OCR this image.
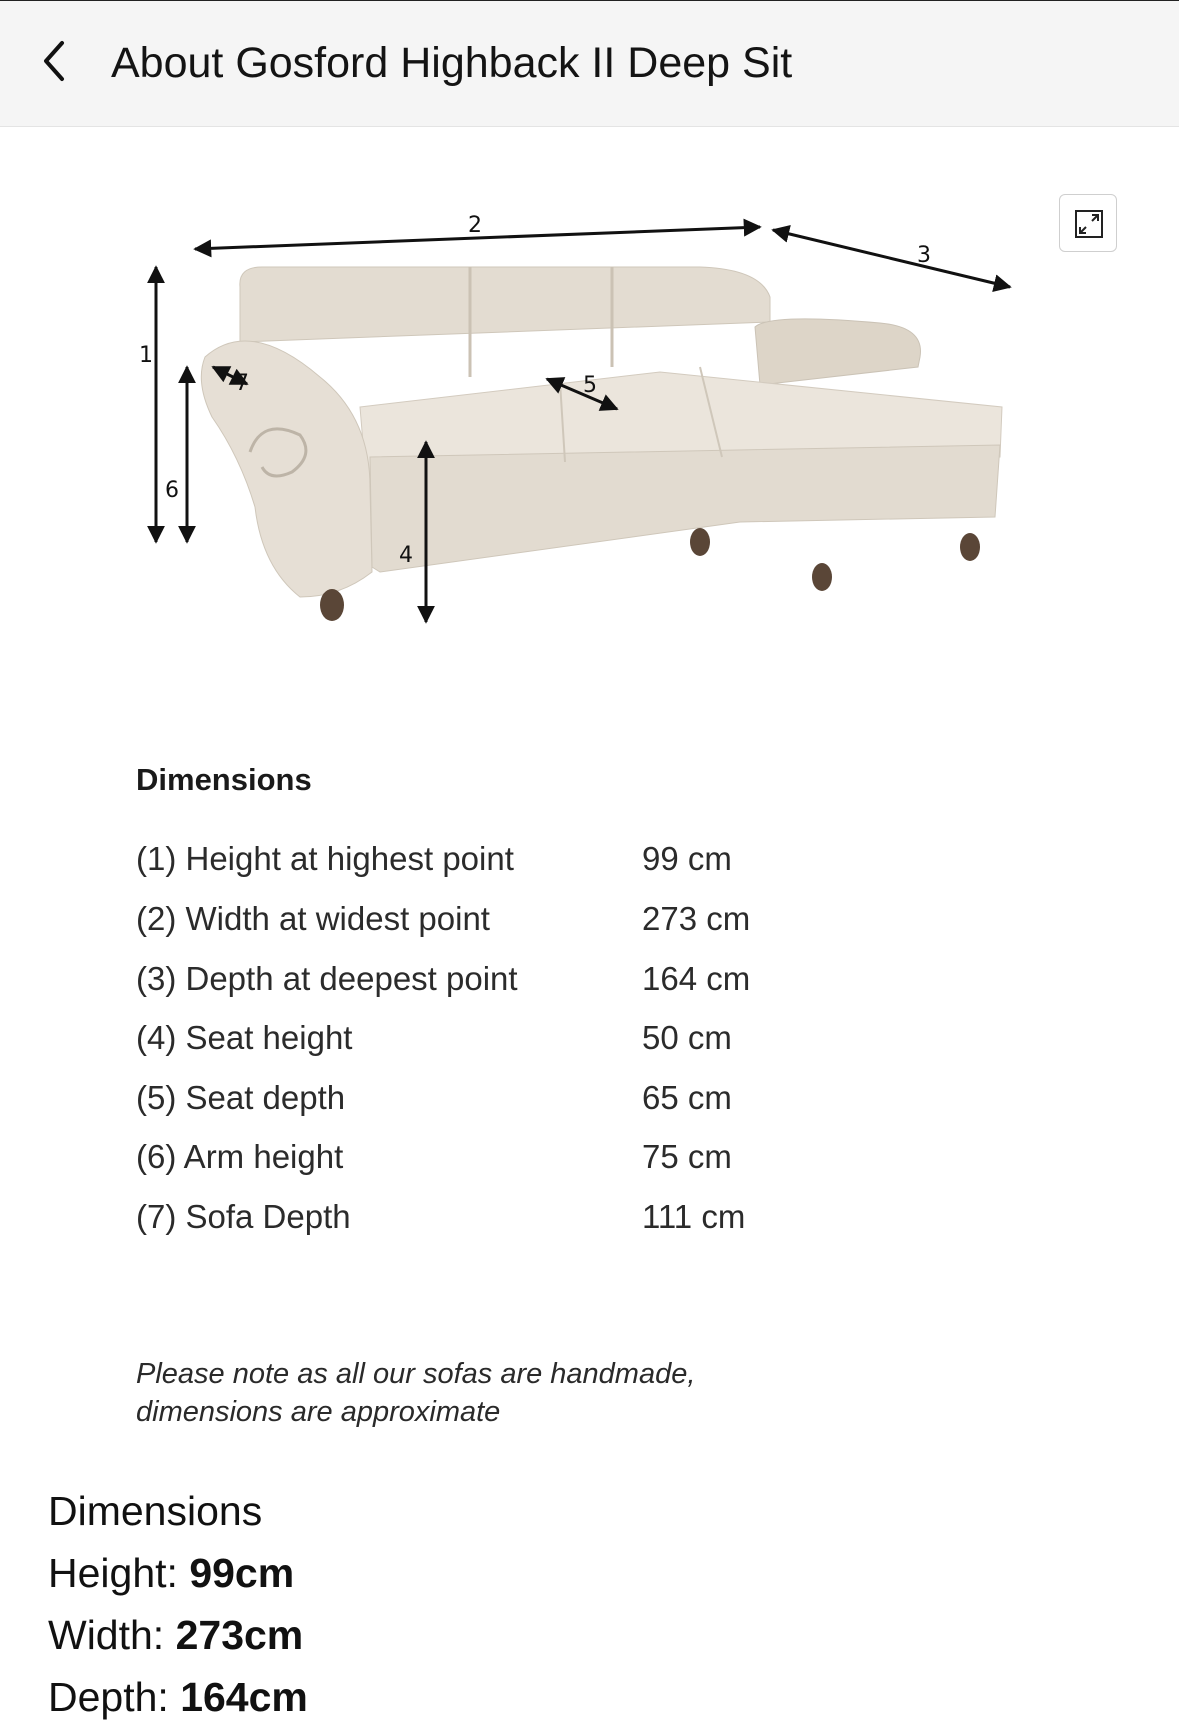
About Gosford Highback II Deep Sit
1
2
3
4
5
6
7
Dimensions
(1) Height at highest point	99 cm
(2) Width at widest point	273 cm
(3) Depth at deepest point	164 cm
(4) Seat height	50 cm
(5) Seat depth	65 cm
(6) Arm height	75 cm
(7) Sofa Depth	111 cm
Please note as all our sofas are handmade,
dimensions are approximate
Dimensions
Height: 99cm
Width: 273cm
Depth: 164cm
